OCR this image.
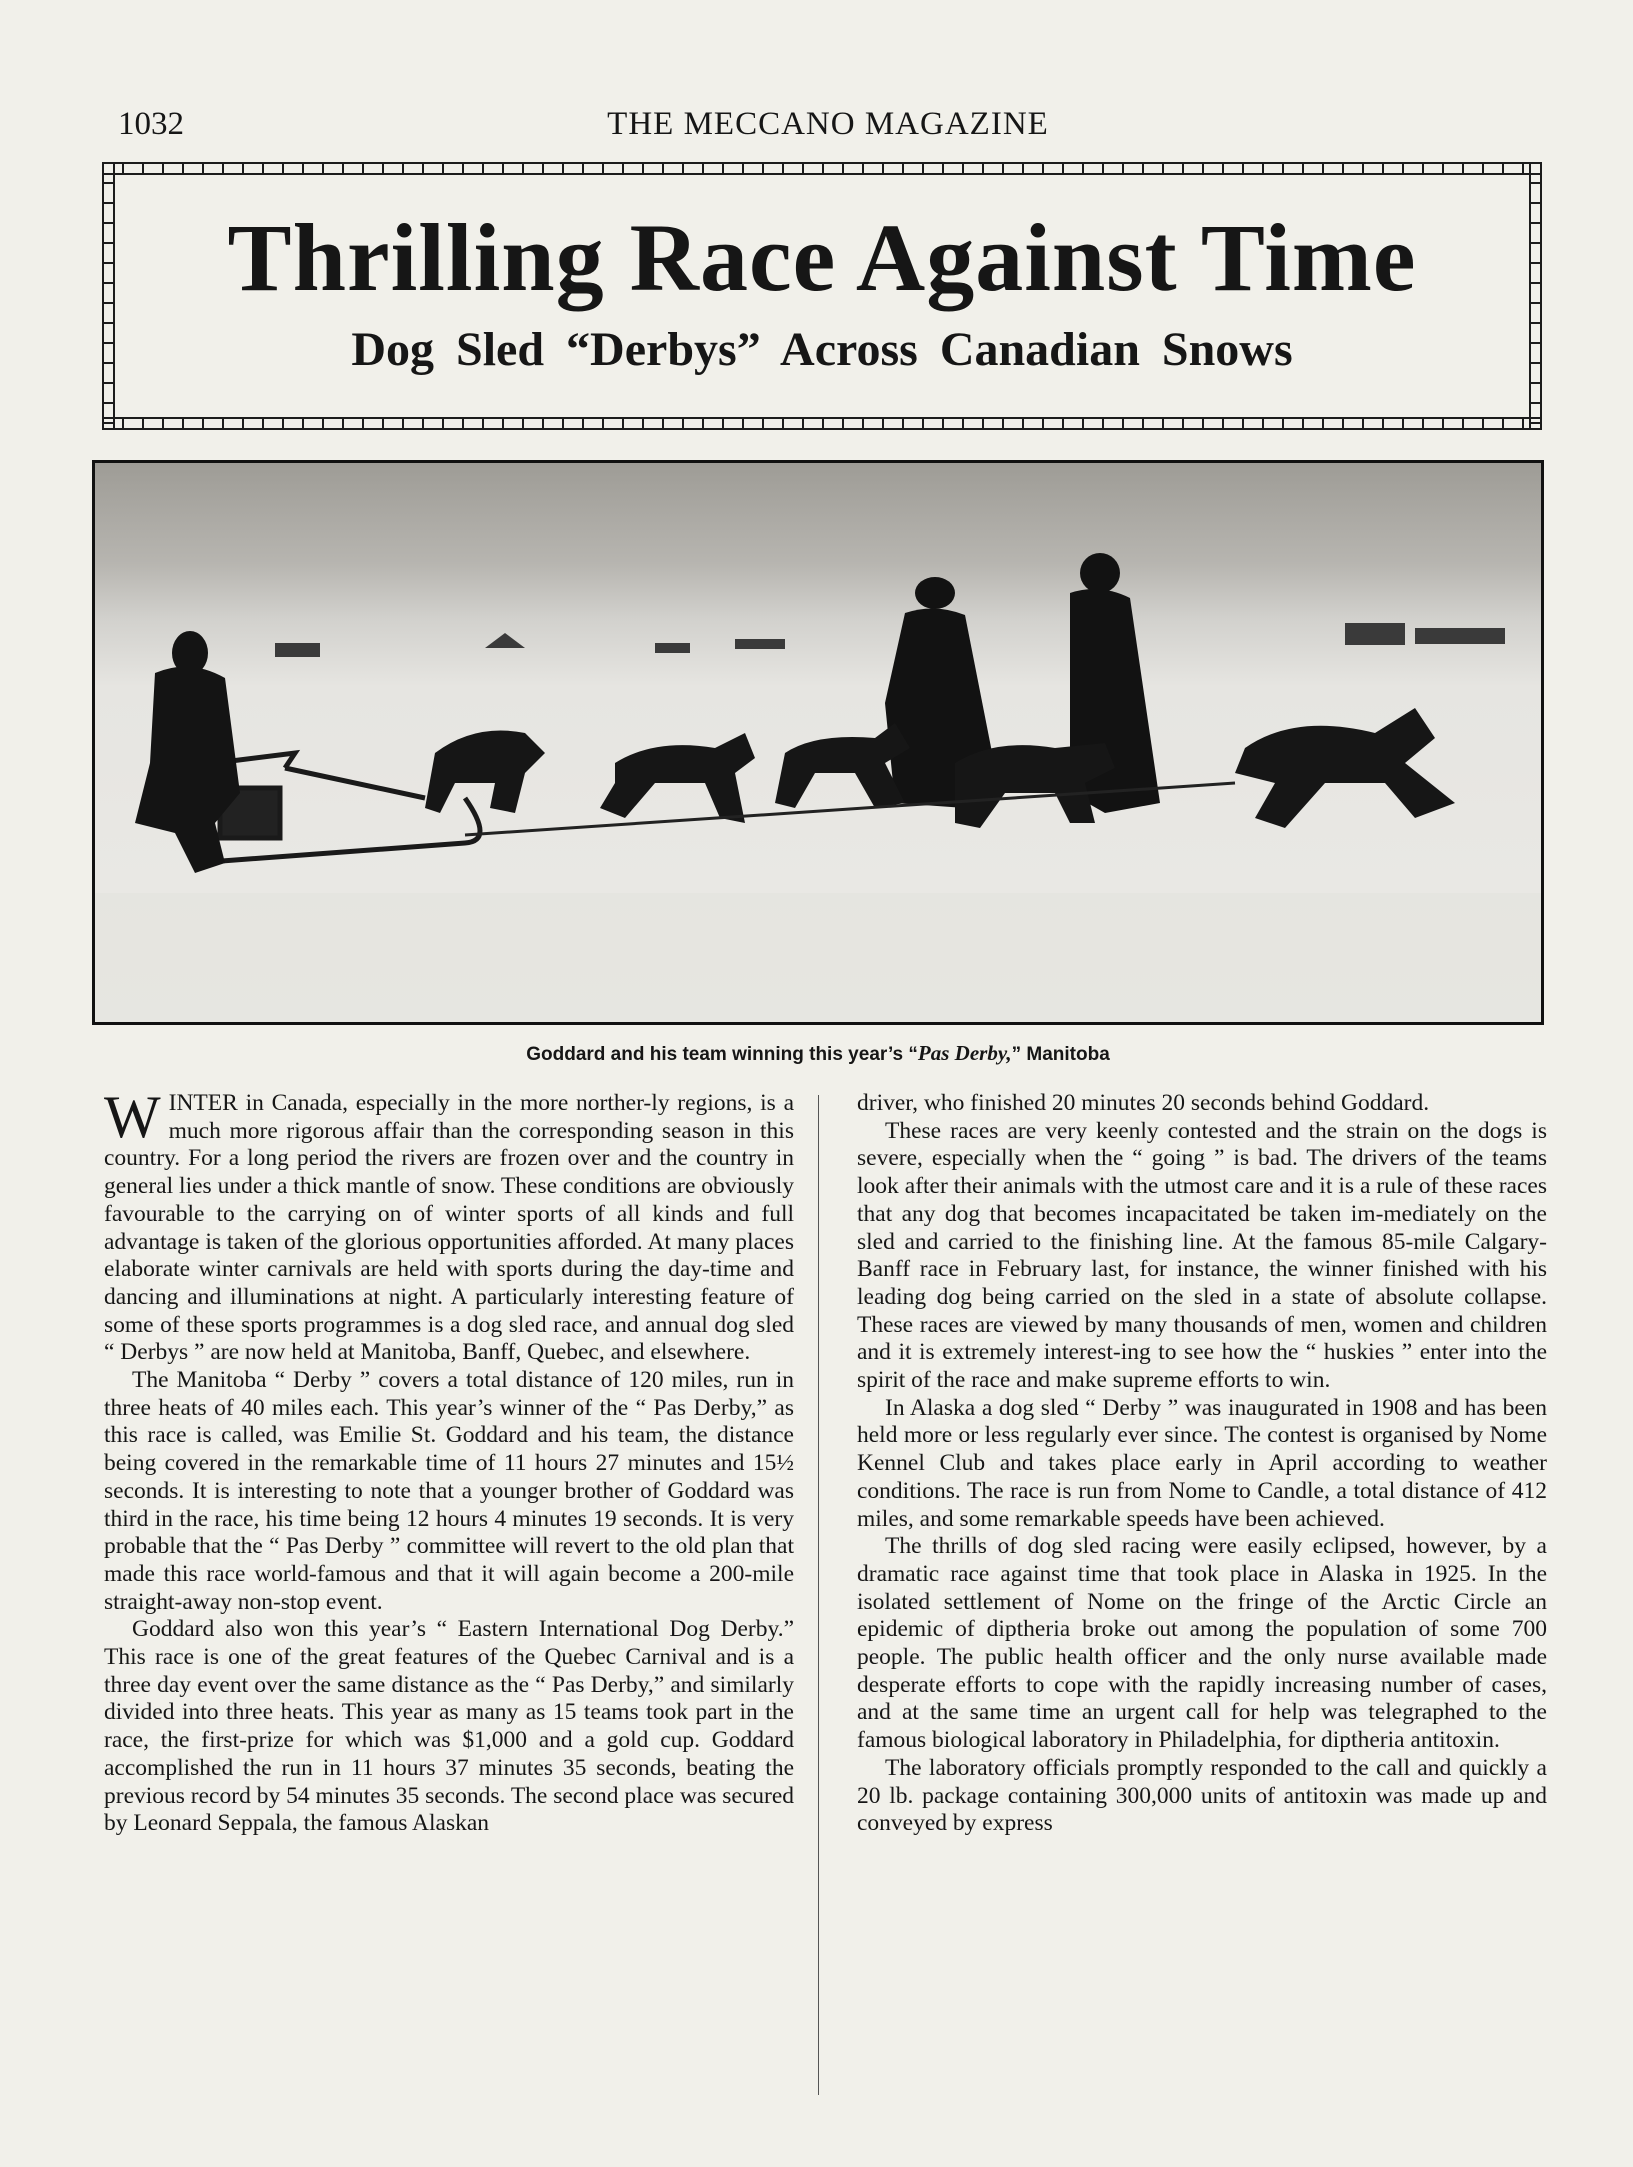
1032	THE MECCANO MAGAZINE
Thrilling Race Against Time
Dog Sled “Derbys” Across Canadian Snows
Goddard and his team winning this year’s “Pas Derby,” Manitoba

WINTER in Canada, especially in the more norther-ly regions, is a much more rigorous affair than the corresponding season in this country. For a long period the rivers are frozen over and the country in general lies under a thick mantle of snow. These conditions are obviously favourable to the carrying on of winter sports of all kinds and full advantage is taken of the glorious opportunities afforded. At many places elaborate winter carnivals are held with sports during the day-time and dancing and illuminations at night. A particularly interesting feature of some of these sports programmes is a dog sled race, and annual dog sled “ Derbys ” are now held at Manitoba, Banff, Quebec, and elsewhere.

The Manitoba “ Derby ” covers a total distance of 120 miles, run in three heats of 40 miles each. This year’s winner of the “ Pas Derby,” as this race is called, was Emilie St. Goddard and his team, the distance being covered in the remarkable time of 11 hours 27 minutes and 15½ seconds. It is interesting to note that a younger brother of Goddard was third in the race, his time being 12 hours 4 minutes 19 seconds. It is very probable that the “ Pas Derby ” committee will revert to the old plan that made this race world-famous and that it will again become a 200-mile straight-away non-stop event.

Goddard also won this year’s “ Eastern International Dog Derby.” This race is one of the great features of the Quebec Carnival and is a three day event over the same distance as the “ Pas Derby,” and similarly divided into three heats. This year as many as 15 teams took part in the race, the first-prize for which was $1,000 and a gold cup. Goddard accomplished the run in 11 hours 37 minutes 35 seconds, beating the previous record by 54 minutes 35 seconds. The second place was secured by Leonard Seppala, the famous Alaskan

driver, who finished 20 minutes 20 seconds behind Goddard.

These races are very keenly contested and the strain on the dogs is severe, especially when the “ going ” is bad. The drivers of the teams look after their animals with the utmost care and it is a rule of these races that any dog that becomes incapacitated be taken im-mediately on the sled and carried to the finishing line. At the famous 85-mile Calgary-Banff race in February last, for instance, the winner finished with his leading dog being carried on the sled in a state of absolute collapse. These races are viewed by many thousands of men, women and children and it is extremely interest-ing to see how the “ huskies ” enter into the spirit of the race and make supreme efforts to win.

In Alaska a dog sled “ Derby ” was inaugurated in 1908 and has been held more or less regularly ever since. The contest is organised by Nome Kennel Club and takes place early in April according to weather conditions. The race is run from Nome to Candle, a total distance of 412 miles, and some remarkable speeds have been achieved.

The thrills of dog sled racing were easily eclipsed, however, by a dramatic race against time that took place in Alaska in 1925. In the isolated settlement of Nome on the fringe of the Arctic Circle an epidemic of diptheria broke out among the population of some 700 people. The public health officer and the only nurse available made desperate efforts to cope with the rapidly increasing number of cases, and at the same time an urgent call for help was telegraphed to the famous biological laboratory in Philadelphia, for diptheria antitoxin.

The laboratory officials promptly responded to the call and quickly a 20 lb. package containing 300,000 units of antitoxin was made up and conveyed by express
